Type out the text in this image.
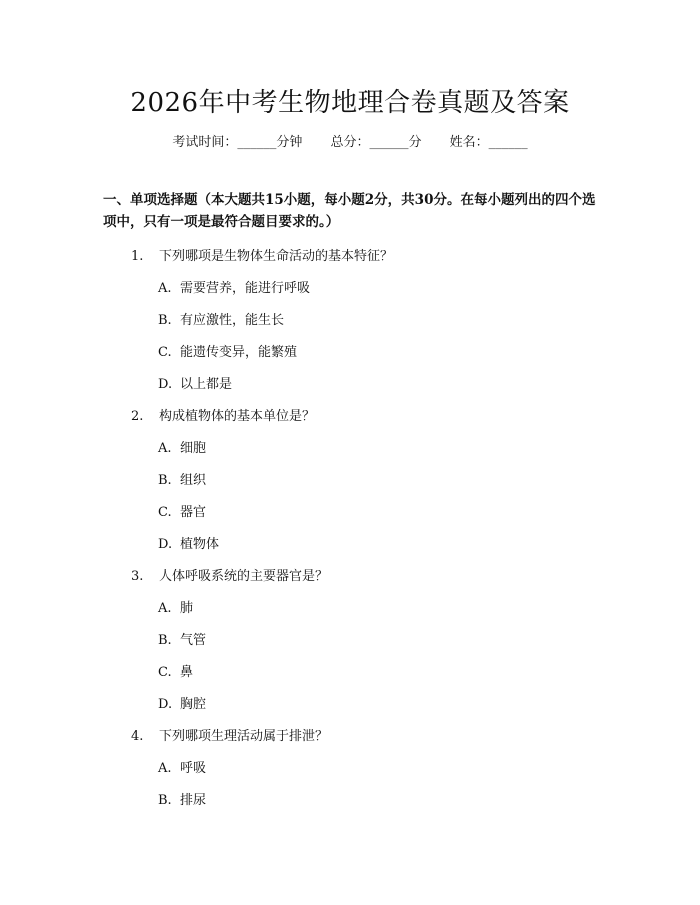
2026年中考生物地理合卷真题及答案
考试时间：______分钟 总分：______分 姓名：______
一、单项选择题（本大题共15小题，每小题2分，共30分。在每小题列出的四个选项中，只有一项是最符合题目要求的。）
1. 下列哪项是生物体生命活动的基本特征？
A. 需要营养，能进行呼吸
B. 有应激性，能生长
C. 能遗传变异，能繁殖
D. 以上都是
2. 构成植物体的基本单位是？
A. 细胞
B. 组织
C. 器官
D. 植物体
3. 人体呼吸系统的主要器官是？
A. 肺
B. 气管
C. 鼻
D. 胸腔
4. 下列哪项生理活动属于排泄？
A. 呼吸
B. 排尿
